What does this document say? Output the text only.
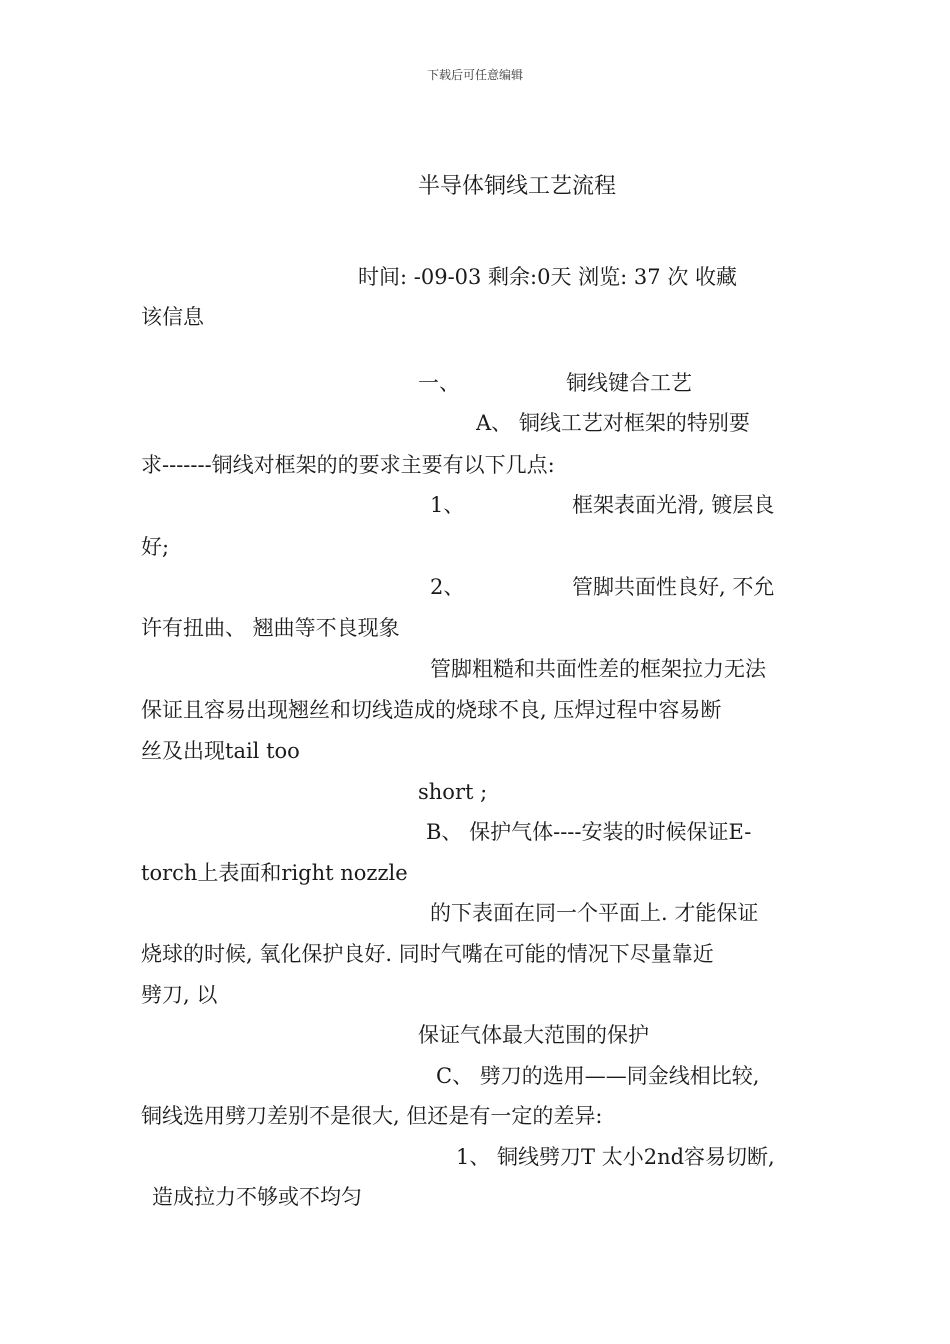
下载后可任意编辑
半导体铜线工艺流程
时间: -09-03 剩余:0天 浏览: 37 次 收藏
该信息
一、	铜线键合工艺
A、 铜线工艺对框架的特别要
求-------铜线对框架的的要求主要有以下几点:
1、	框架表面光滑, 镀层良
好;
2、	管脚共面性良好, 不允
许有扭曲、 翘曲等不良现象
管脚粗糙和共面性差的框架拉力无法
保证且容易出现翘丝和切线造成的烧球不良, 压焊过程中容易断
丝及出现tail too
short ;
B、 保护气体----安装的时候保证E-
torch上表面和right nozzle
的下表面在同一个平面上. 才能保证
烧球的时候, 氧化保护良好. 同时气嘴在可能的情况下尽量靠近
劈刀, 以
保证气体最大范围的保护
C、 劈刀的选用——同金线相比较,
铜线选用劈刀差别不是很大, 但还是有一定的差异:
1、 铜线劈刀T 太小2nd容易切断,
造成拉力不够或不均匀
